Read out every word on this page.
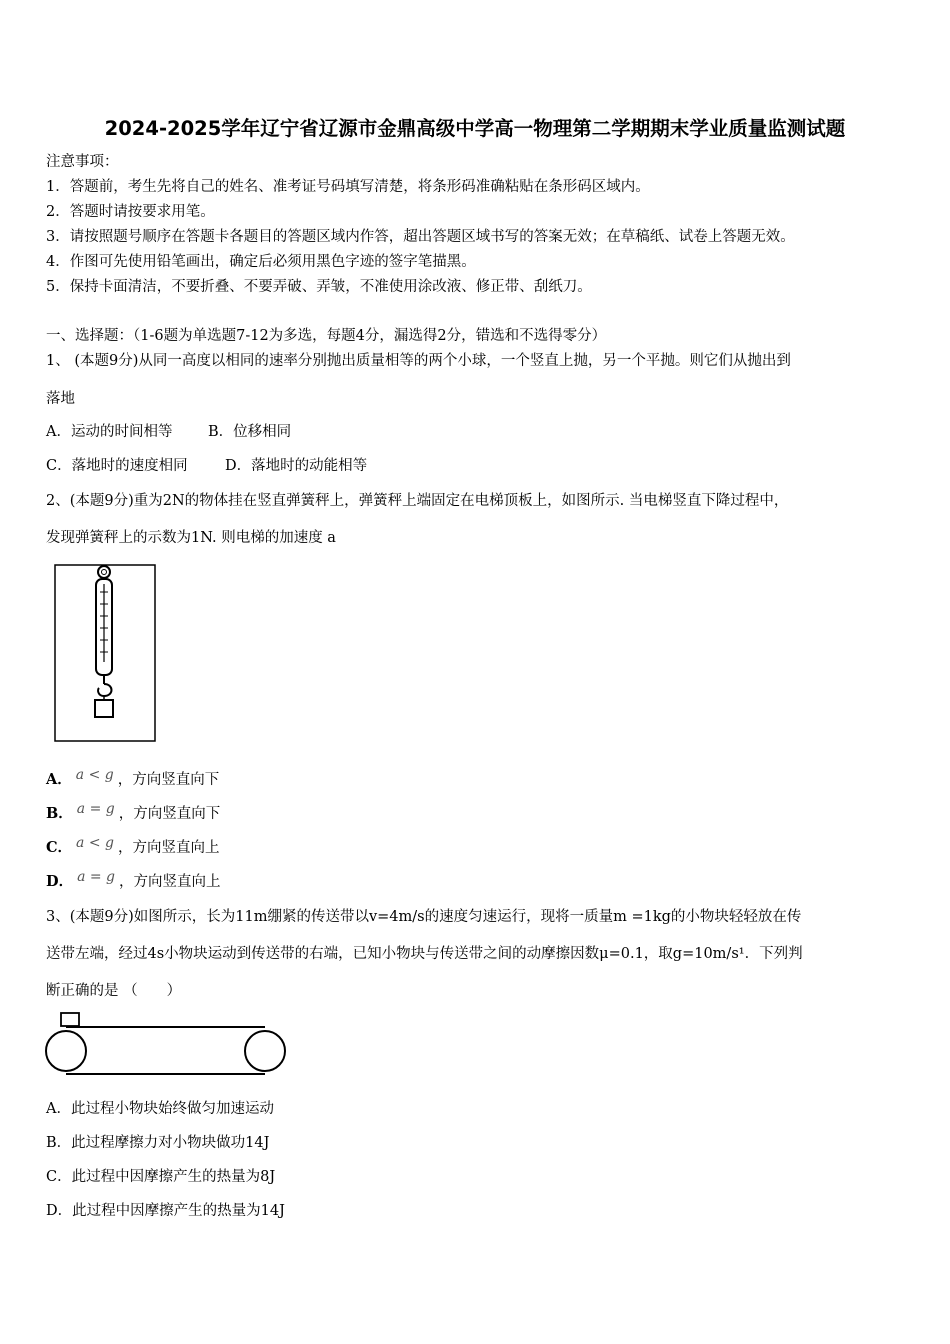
2024-2025学年辽宁省辽源市金鼎高级中学高一物理第二学期期末学业质量监测试题
注意事项：
1．答题前，考生先将自己的姓名、准考证号码填写清楚，将条形码准确粘贴在条形码区域内。
2．答题时请按要求用笔。
3．请按照题号顺序在答题卡各题目的答题区域内作答，超出答题区域书写的答案无效；在草稿纸、试卷上答题无效。
4．作图可先使用铅笔画出，确定后必须用黑色字迹的签字笔描黑。
5．保持卡面清洁，不要折叠、不要弄破、弄皱，不准使用涂改液、修正带、刮纸刀。
一、选择题：（1-6题为单选题7-12为多选，每题4分，漏选得2分，错选和不选得零分）
1、 (本题9分)从同一高度以相同的速率分别抛出质量相等的两个小球，一个竖直上抛，另一个平抛。则它们从抛出到
落地
A．运动的时间相等 B．位移相同
C．落地时的速度相同	D．落地时的动能相等
2、(本题9分)重为2N的物体挂在竖直弹簧秤上，弹簧秤上端固定在电梯顶板上，如图所示. 当电梯竖直下降过程中，
发现弹簧秤上的示数为1N. 则电梯的加速度 a
A． a < g ，方向竖直向下
B． a = g ，方向竖直向下
C． a < g ，方向竖直向上
D． a = g ，方向竖直向上
3、(本题9分)如图所示，长为11m绷紧的传送带以v=4m/s的速度匀速运行，现将一质量m =1kg的小物块轻轻放在传
送带左端，经过4s小物块运动到传送带的右端，已知小物块与传送带之间的动摩擦因数μ=0.1，取g=10m/s¹．下列判
断正确的是 （　　）
A．此过程小物块始终做匀加速运动
B．此过程摩擦力对小物块做功14J
C．此过程中因摩擦产生的热量为8J
D．此过程中因摩擦产生的热量为14J
